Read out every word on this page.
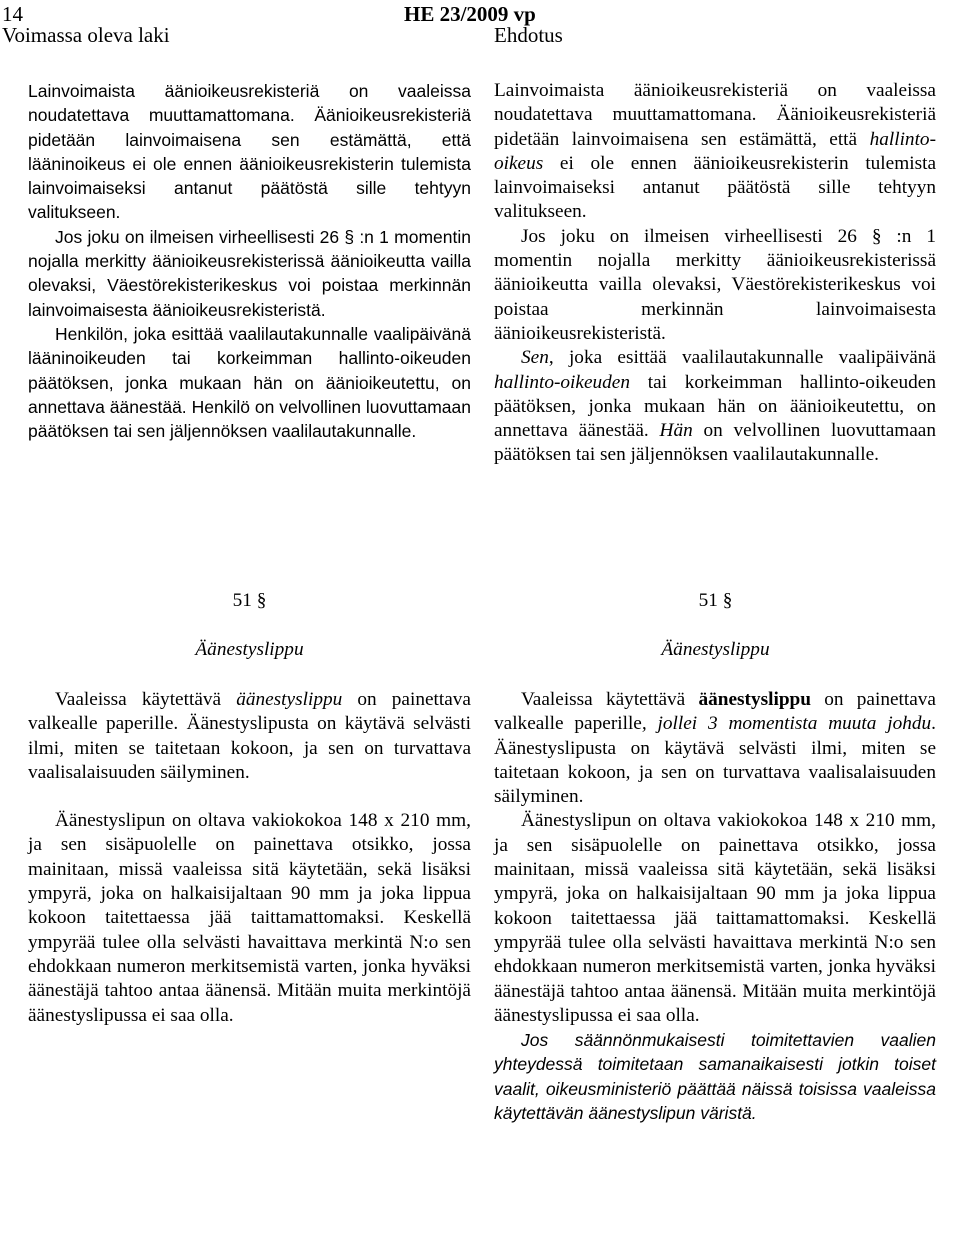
14	HE 23/2009 vp
Voimassa oleva laki	Ehdotus

Lainvoimaista äänioikeusrekisteriä on vaaleissa noudatettava muuttamattomana. Äänioikeusrekisteriä pidetään lainvoimaisena sen estämättä, että lääninoikeus ei ole ennen äänioikeusrekisterin tulemista lainvoimaiseksi antanut päätöstä sille tehtyyn valitukseen.

Jos joku on ilmeisen virheellisesti 26 § :n 1 momentin nojalla merkitty äänioikeusrekisterissä äänioikeutta vailla olevaksi, Väestörekisterikeskus voi poistaa merkinnän lainvoimaisesta äänioikeusrekisteristä.

Henkilön, joka esittää vaalilautakunnalle vaalipäivänä lääninoikeuden tai korkeimman hallinto-oikeuden päätöksen, jonka mukaan hän on äänioikeutettu, on annettava äänestää. Henkilö on velvollinen luovuttamaan päätöksen tai sen jäljennöksen vaalilautakunnalle.

Lainvoimaista äänioikeusrekisteriä on vaaleissa noudatettava muuttamattomana. Äänioikeusrekisteriä pidetään lainvoimaisena sen estämättä, että hallinto-oikeus ei ole ennen äänioikeusrekisterin tulemista lainvoimaiseksi antanut päätöstä sille tehtyyn valitukseen.

Jos joku on ilmeisen virheellisesti 26 § :n 1 momentin nojalla merkitty äänioikeusrekisterissä äänioikeutta vailla olevaksi, Väestörekisterikeskus voi poistaa merkinnän lainvoimaisesta äänioikeusrekisteristä.

Sen, joka esittää vaalilautakunnalle vaalipäivänä hallinto-oikeuden tai korkeimman hallinto-oikeuden päätöksen, jonka mukaan hän on äänioikeutettu, on annettava äänestää. Hän on velvollinen luovuttamaan päätöksen tai sen jäljennöksen vaalilautakunnalle.

51 §
Äänestyslippu
51 §
Äänestyslippu

Vaaleissa käytettävä äänestyslippu on painettava valkealle paperille. Äänestyslipusta on käytävä selvästi ilmi, miten se taitetaan kokoon, ja sen on turvattava vaalisalaisuuden säilyminen.

Äänestyslipun on oltava vakiokokoa 148 x 210 mm, ja sen sisäpuolelle on painettava otsikko, jossa mainitaan, missä vaaleissa sitä käytetään, sekä lisäksi ympyrä, joka on halkaisijaltaan 90 mm ja joka lippua kokoon taitettaessa jää taittamattomaksi. Keskellä ympyrää tulee olla selvästi havaittava merkintä N:o sen ehdokkaan numeron merkitsemistä varten, jonka hyväksi äänestäjä tahtoo antaa äänensä. Mitään muita merkintöjä äänestyslipussa ei saa olla.

Vaaleissa käytettävä äänestyslippu on painettava valkealle paperille, jollei 3 momentista muuta johdu. Äänestyslipusta on käytävä selvästi ilmi, miten se taitetaan kokoon, ja sen on turvattava vaalisalaisuuden säilyminen.

Äänestyslipun on oltava vakiokokoa 148 x 210 mm, ja sen sisäpuolelle on painettava otsikko, jossa mainitaan, missä vaaleissa sitä käytetään, sekä lisäksi ympyrä, joka on halkaisijaltaan 90 mm ja joka lippua kokoon taitettaessa jää taittamattomaksi. Keskellä ympyrää tulee olla selvästi havaittava merkintä N:o sen ehdokkaan numeron merkitsemistä varten, jonka hyväksi äänestäjä tahtoo antaa äänensä. Mitään muita merkintöjä äänestyslipussa ei saa olla.

Jos säännönmukaisesti toimitettavien vaalien yhteydessä toimitetaan samanaikaisesti jotkin toiset vaalit, oikeusministeriö päättää näissä toisissa vaaleissa käytettävän äänestyslipun väristä.
